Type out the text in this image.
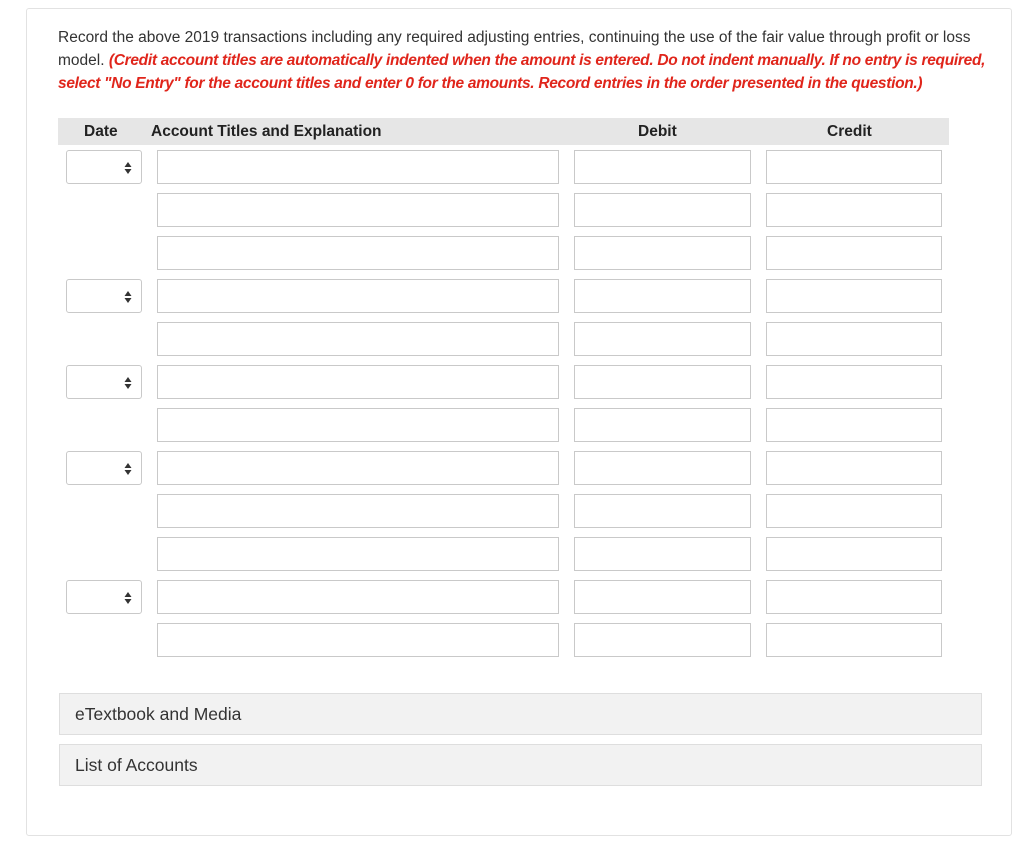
Record the above 2019 transactions including any required adjusting entries, continuing the use of the fair value through profit or loss model. (Credit account titles are automatically indented when the amount is entered. Do not indent manually. If no entry is required, select "No Entry" for the account titles and enter 0 for the amounts. Record entries in the order presented in the question.)
Date Account Titles and Explanation	Debit	Credit
eTextbook and Media
List of Accounts
